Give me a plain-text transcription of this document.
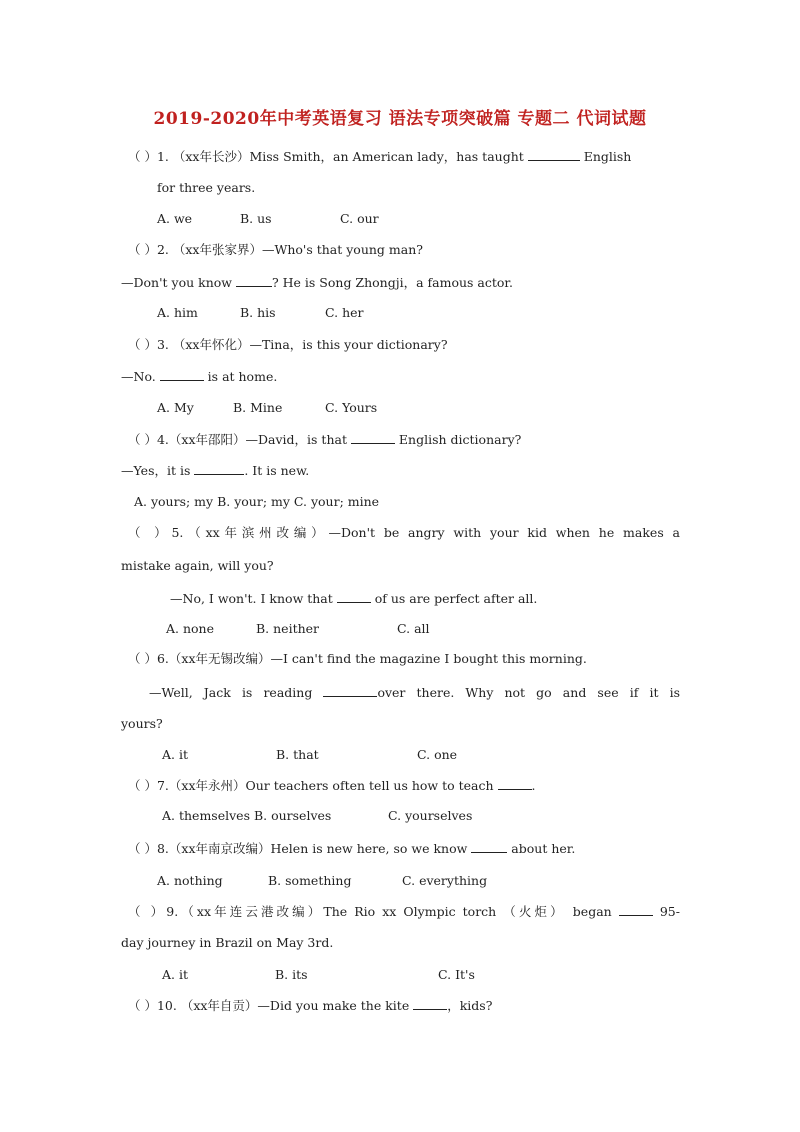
2019-2020年中考英语复习 语法专项突破篇 专题二 代词试题
（ ）1. （xx年长沙）Miss Smith，an American lady，has taught	English
for three years.
A. we	B. us	C. our
（ ）2. （xx年张家界）—Who's that young man?
—Don't you know	? He is Song Zhongji，a famous actor.
A. him	B. his	C. her
（ ）3. （xx年怀化）—Tina，is this your dictionary?
—No.	is at home.
A. My	B. Mine	C. Yours
（ ）4.（xx年邵阳）—David，is that	English dictionary?
—Yes，it is	. It is new.
A. yours; my B. your; my C. your; mine
（ ）5.（xx年滨州改编）—Don't be angry with your kid when he makes a
mistake again, will you?
—No, I won't. I know that	of us are perfect after all.
A. none	B. neither	C. all
（ ）6.（xx年无锡改编）—I can't find the magazine I bought this morning.
—Well, Jack is reading	over there. Why not go and see if it is
yours?
A. it	B. that	C. one
（ ）7.（xx年永州）Our teachers often tell us how to teach	.
A. themselves B. ourselves	C. yourselves
（ ）8.（xx年南京改编）Helen is new here, so we know	about her.
A. nothing	B. something	C. everything
（ ）9.（xx年连云港改编）The Rio xx Olympic torch （火炬） began	95-
day journey in Brazil on May 3rd.
A. it	B. its	C. It's
（ ）10. （xx年自贡）—Did you make the kite	，kids?
